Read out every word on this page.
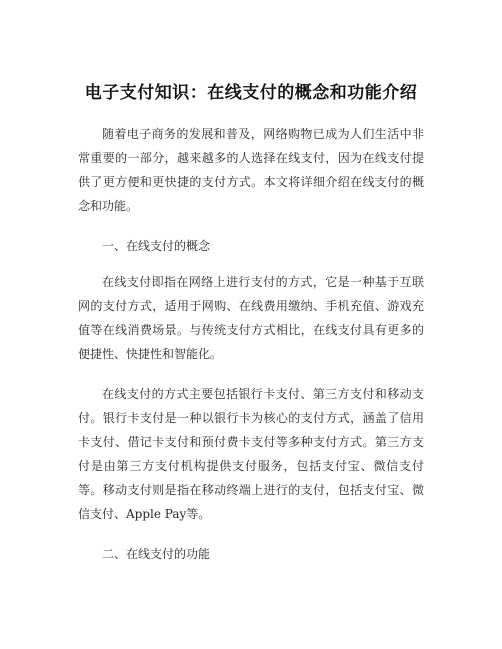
电子支付知识：在线支付的概念和功能介绍

随着电子商务的发展和普及，网络购物已成为人们生活中非常重要的一部分，越来越多的人选择在线支付，因为在线支付提供了更方便和更快捷的支付方式。本文将详细介绍在线支付的概念和功能。

一、在线支付的概念

在线支付即指在网络上进行支付的方式，它是一种基于互联网的支付方式，适用于网购、在线费用缴纳、手机充值、游戏充值等在线消费场景。与传统支付方式相比，在线支付具有更多的便捷性、快捷性和智能化。

在线支付的方式主要包括银行卡支付、第三方支付和移动支付。银行卡支付是一种以银行卡为核心的支付方式，涵盖了信用卡支付、借记卡支付和预付费卡支付等多种支付方式。第三方支付是由第三方支付机构提供支付服务，包括支付宝、微信支付等。移动支付则是指在移动终端上进行的支付，包括支付宝、微信支付、Apple Pay等。

二、在线支付的功能
